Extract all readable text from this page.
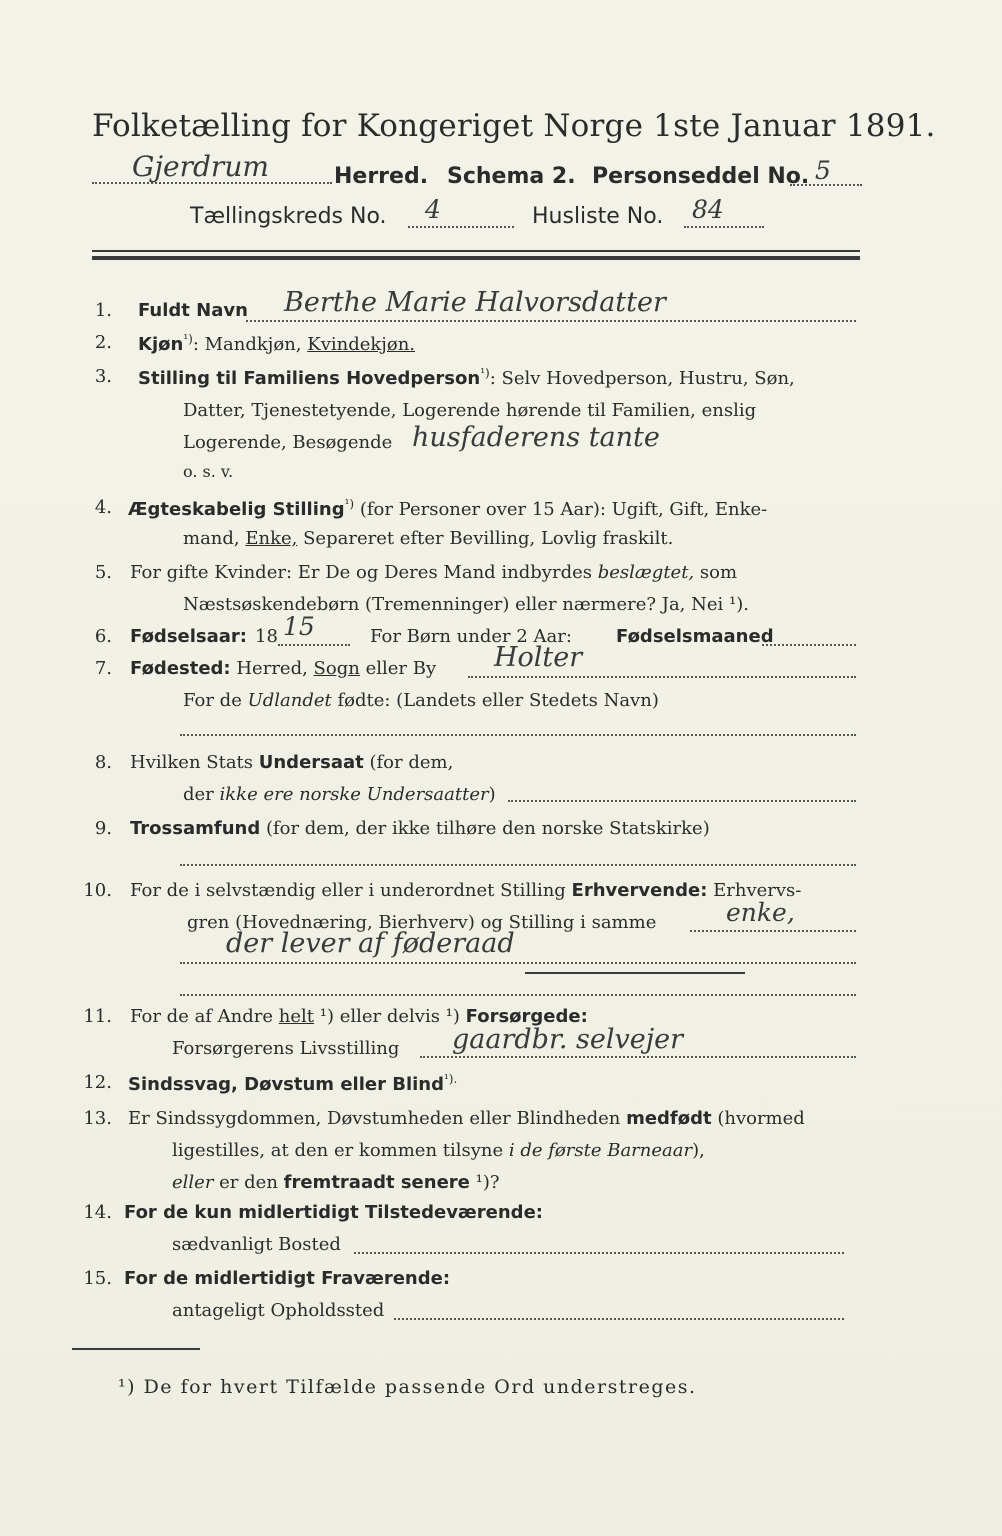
Folketælling for Kongeriget Norge 1ste Januar 1891.
Gjerdrum	Herred. Schema 2. Personseddel No. 5
Tællingskreds No. 4	Husliste No. 84
1. Fuldt Navn Berthe Marie Halvorsdatter
2. Kjøn$^{^1)}$: Mandkjøn, Kvindekjøn.
3. Stilling til Familiens Hovedperson$^{^1)}$: Selv Hovedperson, Hustru, Søn,
Datter, Tjenestetyende, Logerende hørende til Familien, enslig
Logerende, Besøgende husfaderens tante
o. s. v.
4. Ægteskabelig Stilling$^{^1)}$ (for Personer over 15 Aar): Ugift, Gift, Enke-
mand, Enke, Separeret efter Bevilling, Lovlig fraskilt.
5. For gifte Kvinder: Er De og Deres Mand indbyrdes beslægtet, som
Næstsøskendebørn (Tremenninger) eller nærmere? Ja, Nei ¹).
6. Fødselsaar: 18 15	For Børn under 2 Aar: Fødselsmaaned
7. Fødested: Herred, Sogn eller By Holter
For de Udlandet fødte: (Landets eller Stedets Navn)
8. Hvilken Stats Undersaat (for dem,
der ikke ere norske Undersaatter)
9. Trossamfund (for dem, der ikke tilhøre den norske Statskirke)
10. For de i selvstændig eller i underordnet Stilling Erhvervende: Erhvervs-
gren (Hovednæring, Bierhverv) og Stilling i samme	enke,
der lever af føderaad
11. For de af Andre helt ¹) eller delvis ¹) Forsørgede:
Forsørgerens Livsstilling gaardbr. selvejer
12. Sindssvag, Døvstum eller Blind$^{^1).}$
13. Er Sindssygdommen, Døvstumheden eller Blindheden medfødt (hvormed
ligestilles, at den er kommen tilsyne i de første Barneaar),
eller er den fremtraadt senere ¹)?
14. For de kun midlertidigt Tilstedeværende:
sædvanligt Bosted
15. For de midlertidigt Fraværende:
antageligt Opholdssted
¹) De for hvert Tilfælde passende Ord understreges.
